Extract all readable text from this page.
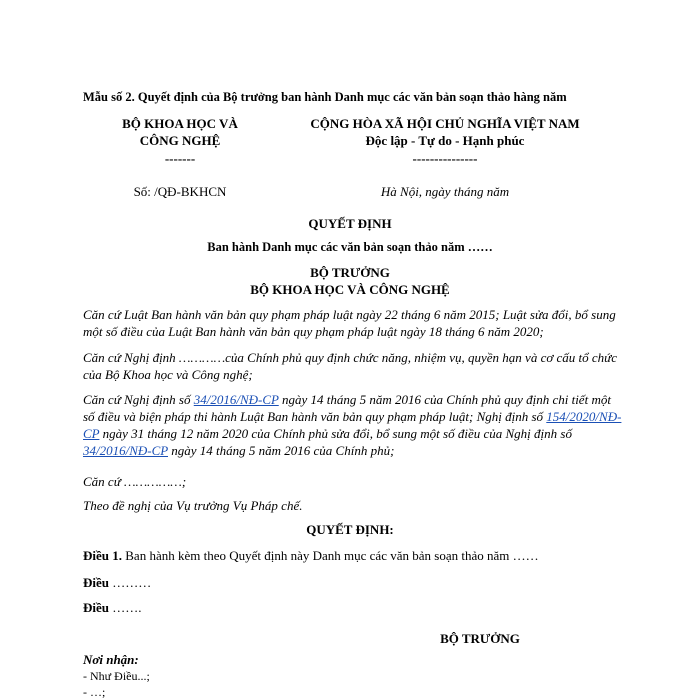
Mẫu số 2. Quyết định của Bộ trưởng ban hành Danh mục các văn bản soạn thảo hàng năm
BỘ KHOA HỌC VÀ
CÔNG NGHỆ
-------
Số: /QĐ-BKHCN
CỘNG HÒA XÃ HỘI CHỦ NGHĨA VIỆT NAM
Độc lập - Tự do - Hạnh phúc
---------------
Hà Nội, ngày tháng năm
QUYẾT ĐỊNH
Ban hành Danh mục các văn bản soạn thảo năm ……
BỘ TRƯỞNG
BỘ KHOA HỌC VÀ CÔNG NGHỆ
Căn cứ Luật Ban hành văn bản quy phạm pháp luật ngày 22 tháng 6 năm 2015; Luật sửa đổi, bổ sung một số điều của Luật Ban hành văn bản quy phạm pháp luật ngày 18 tháng 6 năm 2020;
Căn cứ Nghị định …………của Chính phủ quy định chức năng, nhiệm vụ, quyền hạn và cơ cấu tổ chức của Bộ Khoa học và Công nghệ;
Căn cứ Nghị định số 34/2016/NĐ-CP ngày 14 tháng 5 năm 2016 của Chính phủ quy định chi tiết một số điều và biện pháp thi hành Luật Ban hành văn bản quy phạm pháp luật; Nghị định số 154/2020/NĐ-CP ngày 31 tháng 12 năm 2020 của Chính phủ sửa đổi, bổ sung một số điều của Nghị định số 34/2016/NĐ-CP ngày 14 tháng 5 năm 2016 của Chính phủ;
Căn cứ ……………;
Theo đề nghị của Vụ trưởng Vụ Pháp chế.
QUYẾT ĐỊNH:
Điều 1. Ban hành kèm theo Quyết định này Danh mục các văn bản soạn thảo năm ……
Điều ………
Điều …….
BỘ TRƯỞNG
Nơi nhận:
- Như Điều...;
- …;
